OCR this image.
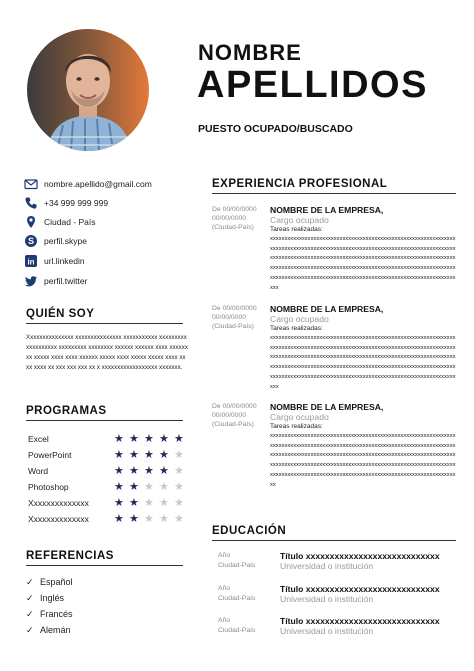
NOMBRE
APELLIDOS
PUESTO OCUPADO/BUSCADO
nombre.apellido@gmail.com
+34 999 999 999
Ciudad - País
S perfil.skype
in url.linkedin
perfil.twitter
QUIÉN SOY
Xxxxxxxxxxxxxxx xxxxxxxxxxxxxxx xxxxxxxxxxx xxxxxxxxx xxxxxxxxxx xxxxxxxxx xxxxxxxx xxxxxx xxxxxx xxxx xxxxxxxx xxxxx xxxx xxxx xxxxxx xxxxx xxxx xxxxx xxxxx xxxx xxxx xxxx xx xxx xxx xxx xx x xxxxxxxxxxxxxxxxxx xxxxxxx.
PROGRAMAS
Excel	★ ★ ★ ★ ★
PowerPoint	★ ★ ★ ★ ★
Word	★ ★ ★ ★ ★
Photoshop	★ ★ ★ ★ ★
Xxxxxxxxxxxxxx ★ ★ ★ ★ ★
Xxxxxxxxxxxxxx ★ ★ ★ ★ ★
REFERENCIAS
✓ Español
✓ Inglés
✓ Francés
✓ Alemán
EXPERIENCIA PROFESIONAL
De 00/00/0000
00/00/0000
(Ciudad-País)
NOMBRE DE LA EMPRESA,
Cargo ocupado
Tareas realizadas:
xxxxxxxxxxxxxxxxxxxxxxxxxxxxxxxxxxxxxxxxxxxxxxxxxxxxxxxxxxxxxxxxxxxxxxxxxxxxxxxxxxxxxxxxxxxxxxxxxxxxxxxxxxxxxxxxxxxxxxxxxxxxxxxxxxxxxxxxxxxxxxxxxxxxxxxxxxxxxxxxxxxxxxxxxxxxxxxxxxxxxxxxxxxxxxxxxxxxxxxxxxxxxxxxxxxxxxxxxxxxxxxxxxxxxxxxxxxxxxxxxxxxxxxxxxxxxxxxxxxxxxxxxxxxxxxxxxxxxxxxxxxxxxxxxxxxxxxxxxxxxxxxxxxxxxxxxxxxxxxxxxx
De 00/00/0000
00/00/0000
(Ciudad-País)
NOMBRE DE LA EMPRESA,
Cargo ocupado
Tareas realizadas:
xxxxxxxxxxxxxxxxxxxxxxxxxxxxxxxxxxxxxxxxxxxxxxxxxxxxxxxxxxxxxxxxxxxxxxxxxxxxxxxxxxxxxxxxxxxxxxxxxxxxxxxxxxxxxxxxxxxxxxxxxxxxxxxxxxxxxxxxxxxxxxxxxxxxxxxxxxxxxxxxxxxxxxxxxxxxxxxxxxxxxxxxxxxxxxxxxxxxxxxxxxxxxxxxxxxxxxxxxxxxxxxxxxxxxxxxxxxxxxxxxxxxxxxxxxxxxxxxxxxxxxxxxxxxxxxxxxxxxxxxxxxxxxxxxxxxxxxxxxxxxxxxxxxxxxxxxxxxxxxxxxx
De 00/00/0000
00/00/0000
(Ciudad-País)
NOMBRE DE LA EMPRESA,
Cargo ocupado
Tareas realizadas:
xxxxxxxxxxxxxxxxxxxxxxxxxxxxxxxxxxxxxxxxxxxxxxxxxxxxxxxxxxxxxxxxxxxxxxxxxxxxxxxxxxxxxxxxxxxxxxxxxxxxxxxxxxxxxxxxxxxxxxxxxxxxxxxxxxxxxxxxxxxxxxxxxxxxxxxxxxxxxxxxxxxxxxxxxxxxxxxxxxxxxxxxxxxxxxxxxxxxxxxxxxxxxxxxxxxxxxxxxxxxxxxxxxxxxxxxxxxxxxxxxxxxxxxxxxxxxxxxxxxxxxxxxxxxxxxxxxxxxxxxxxxxxxxxxxxxxxxxxxxxxxxxxxxxxxxxxxxxxxxxxx
EDUCACIÓN
Año
Ciudad-País
Título xxxxxxxxxxxxxxxxxxxxxxxxxxxx
Universidad o institución
Año
Ciudad-País
Título xxxxxxxxxxxxxxxxxxxxxxxxxxxx
Universidad o institución
Año
Ciudad-País
Título xxxxxxxxxxxxxxxxxxxxxxxxxxxx
Universidad o institución
